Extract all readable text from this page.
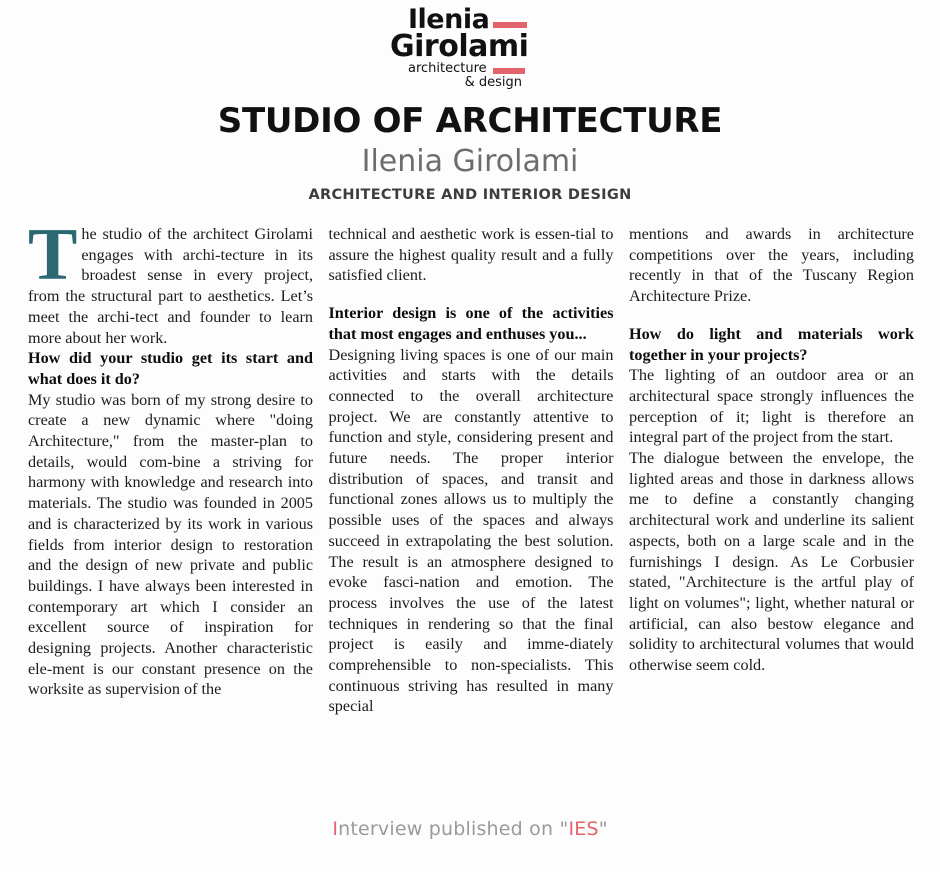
Ilenia
Girolami
architecture
& design
STUDIO OF ARCHITECTURE
Ilenia Girolami
ARCHITECTURE AND INTERIOR DESIGN

The studio of the architect Girolami engages with archi-tecture in its broadest sense in every project, from the structural part to aesthetics. Let’s meet the archi-tect and founder to learn more about her work.

How did your studio get its start and what does it do?

My studio was born of my strong desire to create a new dynamic where "doing Architecture," from the master-plan to details, would com-bine a striving for harmony with knowledge and research into materials. The studio was founded in 2005 and is characterized by its work in various fields from interior design to restoration and the design of new private and public buildings. I have always been interested in contemporary art which I consider an excellent source of inspiration for designing projects. Another characteristic ele-ment is our constant presence on the worksite as supervision of the

technical and aesthetic work is essen-tial to assure the highest quality result and a fully satisfied client.

Interior design is one of the activities that most engages and enthuses you...

Designing living spaces is one of our main activities and starts with the details connected to the overall architecture project. We are constantly attentive to function and style, considering present and future needs. The proper interior distribution of spaces, and transit and functional zones allows us to multiply the possible uses of the spaces and always succeed in extrapolating the best solution. The result is an atmosphere designed to evoke fasci-nation and emotion. The process involves the use of the latest techniques in rendering so that the final project is easily and imme-diately comprehensible to non-specialists. This continuous striving has resulted in many special

mentions and awards in architecture competitions over the years, including recently in that of the Tuscany Region Architecture Prize.

How do light and materials work together in your projects?

The lighting of an outdoor area or an architectural space strongly influences the perception of it; light is therefore an integral part of the project from the start.

The dialogue between the envelope, the lighted areas and those in darkness allows me to define a constantly changing architectural work and underline its salient aspects, both on a large scale and in the furnishings I design. As Le Corbusier stated, "Architecture is the artful play of light on volumes"; light, whether natural or artificial, can also bestow elegance and solidity to architectural volumes that would otherwise seem cold.

Interview published on "IES"
